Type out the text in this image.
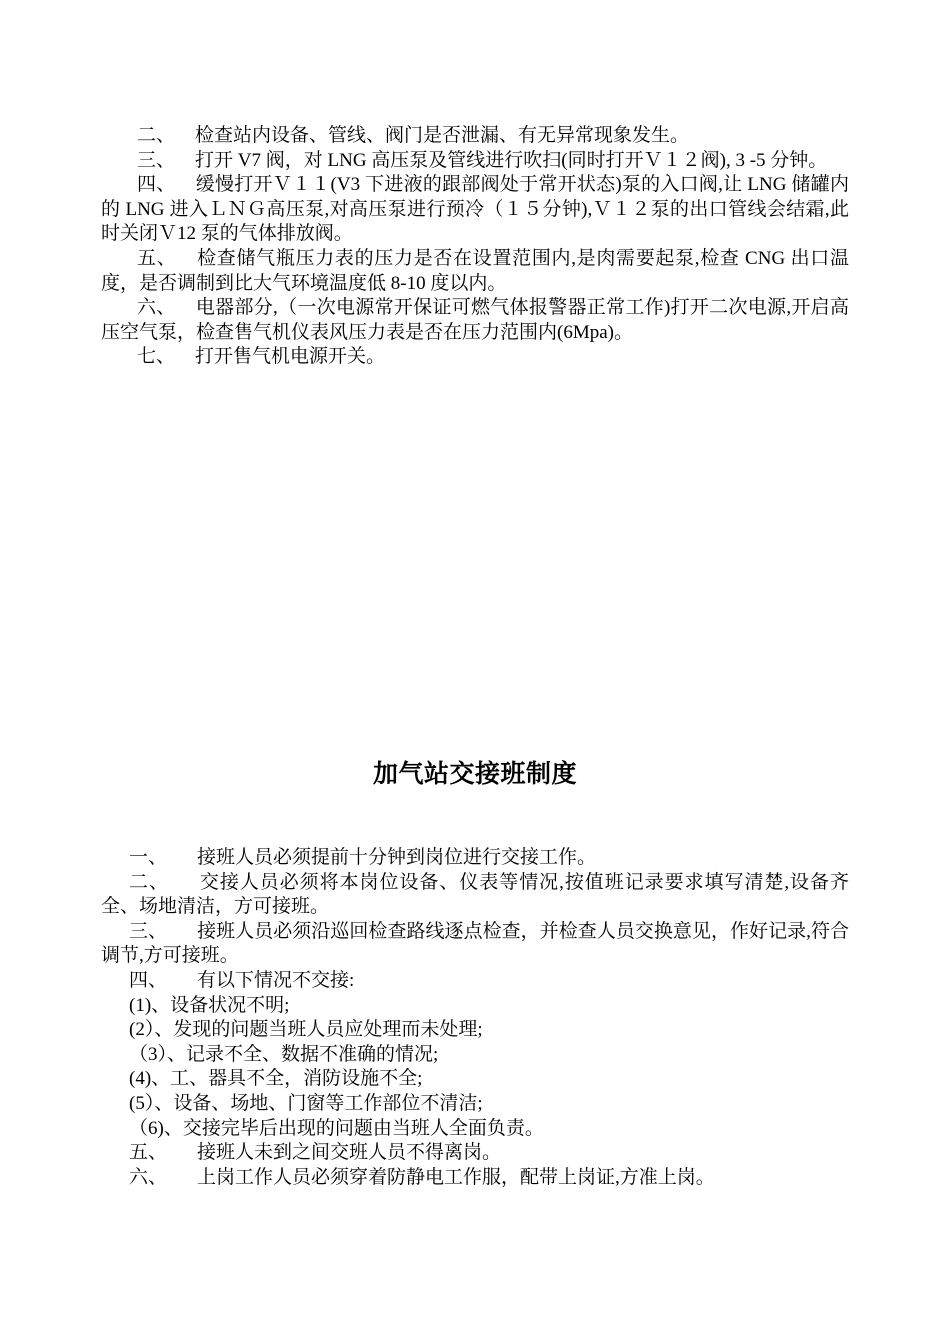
二、 检查站内设备、管线、阀门是否泄漏、有无异常现象发生。

三、 打开 V7 阀，对 LNG 高压泵及管线进行吹扫(同时打开Ｖ１２阀), 3 -5 分钟。

四、 缓慢打开Ｖ１１(V3 下进液的跟部阀处于常开状态)泵的入口阀,让 LNG 储罐内的 LNG 进入ＬＮＧ高压泵,对高压泵进行预冷（１５分钟),Ｖ１２泵的出口管线会结霜,此时关闭Ｖ12 泵的气体排放阀。

五、 检查储气瓶压力表的压力是否在设置范围内,是肉需要起泵,检查 CNG 出口温度，是否调制到比大气环境温度低 8-10 度以内。

六、 电器部分,（一次电源常开保证可燃气体报警器正常工作)打开二次电源,开启高压空气泵，检查售气机仪表风压力表是否在压力范围内(6Mpa)。

七、 打开售气机电源开关。

加气站交接班制度

一、 接班人员必须提前十分钟到岗位进行交接工作。

二、 交接人员必须将本岗位设备、仪表等情况,按值班记录要求填写清楚,设备齐全、场地清洁，方可接班。

三、 接班人员必须沿巡回检查路线逐点检查，并检查人员交换意见，作好记录,符合调节,方可接班。

四、 有以下情况不交接:

(1)、设备状况不明;

(2）、发现的问题当班人员应处理而未处理;

（3）、记录不全、数据不准确的情况;

(4)、工、器具不全，消防设施不全;

(5）、设备、场地、门窗等工作部位不清洁;

（6)、交接完毕后出现的问题由当班人全面负责。

五、 接班人未到之间交班人员不得离岗。

六、 上岗工作人员必须穿着防静电工作服，配带上岗证,方准上岗。
